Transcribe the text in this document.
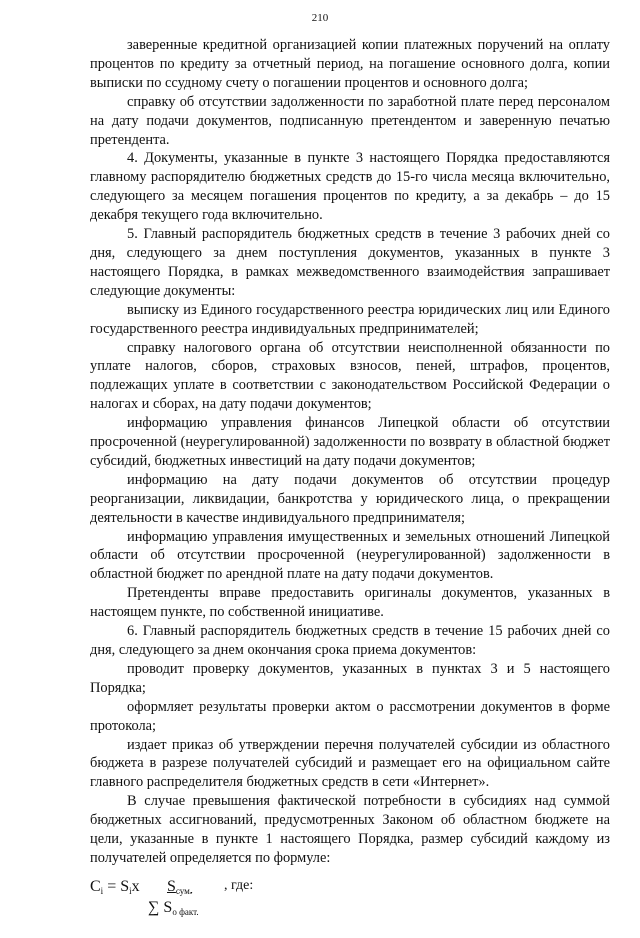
210

заверенные кредитной организацией копии платежных поручений на оплату процентов по кредиту за отчетный период, на погашение основного долга, копии выписки по ссудному счету о погашении процентов и основного долга;

справку об отсутствии задолженности по заработной плате перед персоналом на дату подачи документов, подписанную претендентом и заверенную печатью претендента.

4. Документы, указанные в пункте 3 настоящего Порядка предоставляются главному распорядителю бюджетных средств до 15-го числа месяца включительно, следующего за месяцем погашения процентов по кредиту, а за декабрь – до 15 декабря текущего года включительно.

5. Главный распорядитель бюджетных средств в течение 3 рабочих дней со дня, следующего за днем поступления документов, указанных в пункте 3 настоящего Порядка, в рамках межведомственного взаимодействия запрашивает следующие документы:

выписку из Единого государственного реестра юридических лиц или Единого государственного реестра индивидуальных предпринимателей;

справку налогового органа об отсутствии неисполненной обязанности по уплате налогов, сборов, страховых взносов, пеней, штрафов, процентов, подлежащих уплате в соответствии с законодательством Российской Федерации о налогах и сборах, на дату подачи документов;

информацию управления финансов Липецкой области об отсутствии просроченной (неурегулированной) задолженности по возврату в областной бюджет субсидий, бюджетных инвестиций на дату подачи документов;

информацию на дату подачи документов об отсутствии процедур реорганизации, ликвидации, банкротства у юридического лица, о прекращении деятельности в качестве индивидуального предпринимателя;

информацию управления имущественных и земельных отношений Липецкой области об отсутствии просроченной (неурегулированной) задолженности в областной бюджет по арендной плате на дату подачи документов.

Претенденты вправе предоставить оригиналы документов, указанных в настоящем пункте, по собственной инициативе.

6. Главный распорядитель бюджетных средств в течение 15 рабочих дней со дня, следующего за днем окончания срока приема документов:

проводит проверку документов, указанных в пунктах 3 и 5 настоящего Порядка;

оформляет результаты проверки актом о рассмотрении документов в форме протокола;

издает приказ об утверждении перечня получателей субсидии из областного бюджета в разрезе получателей субсидий и размещает его на официальном сайте главного распределителя бюджетных средств в сети «Интернет».

В случае превышения фактической потребности в субсидиях над суммой бюджетных ассигнований, предусмотренных Законом об областном бюджете на цели, указанные в пункте 1 настоящего Порядка, размер субсидий каждому из получателей определяется по формуле:

$C_i = S_ix$ $S_{сум.}$ , где:
∑ $S_{o факт.}$
